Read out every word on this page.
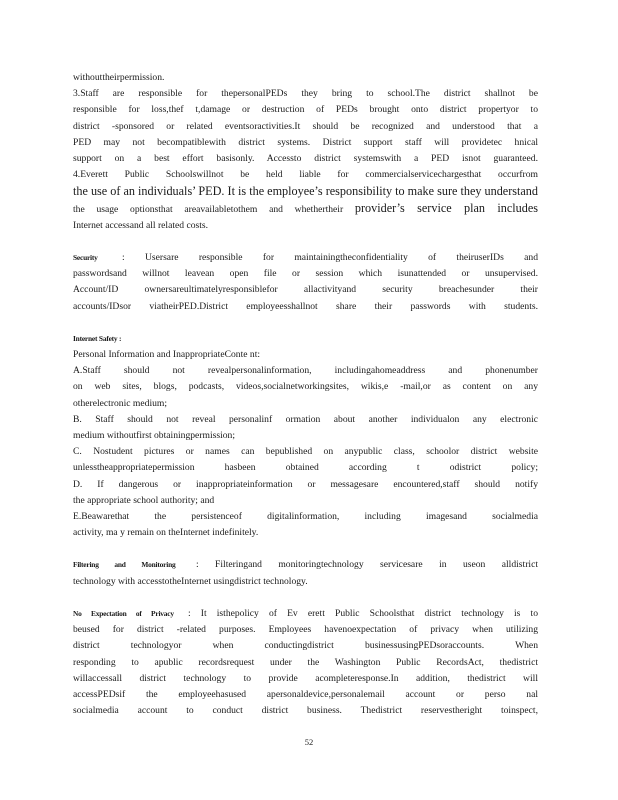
withouttheirpermission.
3.Staff are responsible for thepersonalPEDs they bring to school.The district shallnot be
responsible for loss,thef t,damage or destruction of PEDs brought onto district propertyor to
district -sponsored or related eventsoractivities.It should be recognized and understood that a
PED may not becompatiblewith district systems. District support staff will providetec hnical
support on a best effort basisonly. Accessto district systemswith a PED isnot guaranteed.
4.Everett Public Schoolswillnot be held liable for commercialservicechargesthat occurfrom
the use of an individuals’ PED. It is the employee’s responsibility to make sure they understand
the usage optionsthat areavailabletothem and whethertheir provider’s service plan includes
Internet accessand all related costs.
Security	: Usersare responsible for maintainingtheconfidentiality of theiruserIDs and
passwordsand willnot leavean open file or session which isunattended or unsupervised.
Account/ID ownersareultimatelyresponsiblefor allactivityand security breachesunder their
accounts/IDsor viatheirPED.District employeesshallnot share their passwords with students.
Internet Safety :
Personal Information and InappropriateConte nt:
A.Staff should not revealpersonalinformation, includingahomeaddress and phonenumber
on web sites, blogs, podcasts, videos,socialnetworkingsites, wikis,e -mail,or as content on any
otherelectronic medium;
B. Staff should not reveal personalinf ormation about another individualon any electronic
medium withoutfirst obtainingpermission;
C. Nostudent pictures or names can bepublished on anypublic class, schoolor district website
unlesstheappropriatepermission hasbeen obtained according t odistrict policy;
D. If dangerous or inappropriateinformation or messagesare encountered,staff should notify
the appropriate school authority; and
E.Beawarethat the persistenceof digitalinformation, including imagesand socialmedia
activity, ma y remain on theInternet indefinitely.
Filtering and Monitoring : Filteringand monitoringtechnology servicesare in useon alldistrict
technology with accesstotheInternet usingdistrict technology.
No Expectation of Privacy : It isthepolicy of Ev erett Public Schoolsthat district technology is to
beused for district -related purposes. Employees havenoexpectation of privacy when utilizing
district technologyor when conductingdistrict businessusingPEDsoraccounts. When
responding to apublic recordsrequest under the Washington Public RecordsAct, thedistrict
willaccessall district technology to provide acompleteresponse.In addition, thedistrict will
accessPEDsif the employeehasused apersonaldevice,personalemail account or perso nal
socialmedia account to conduct district business. Thedistrict reservestheright toinspect,
52
